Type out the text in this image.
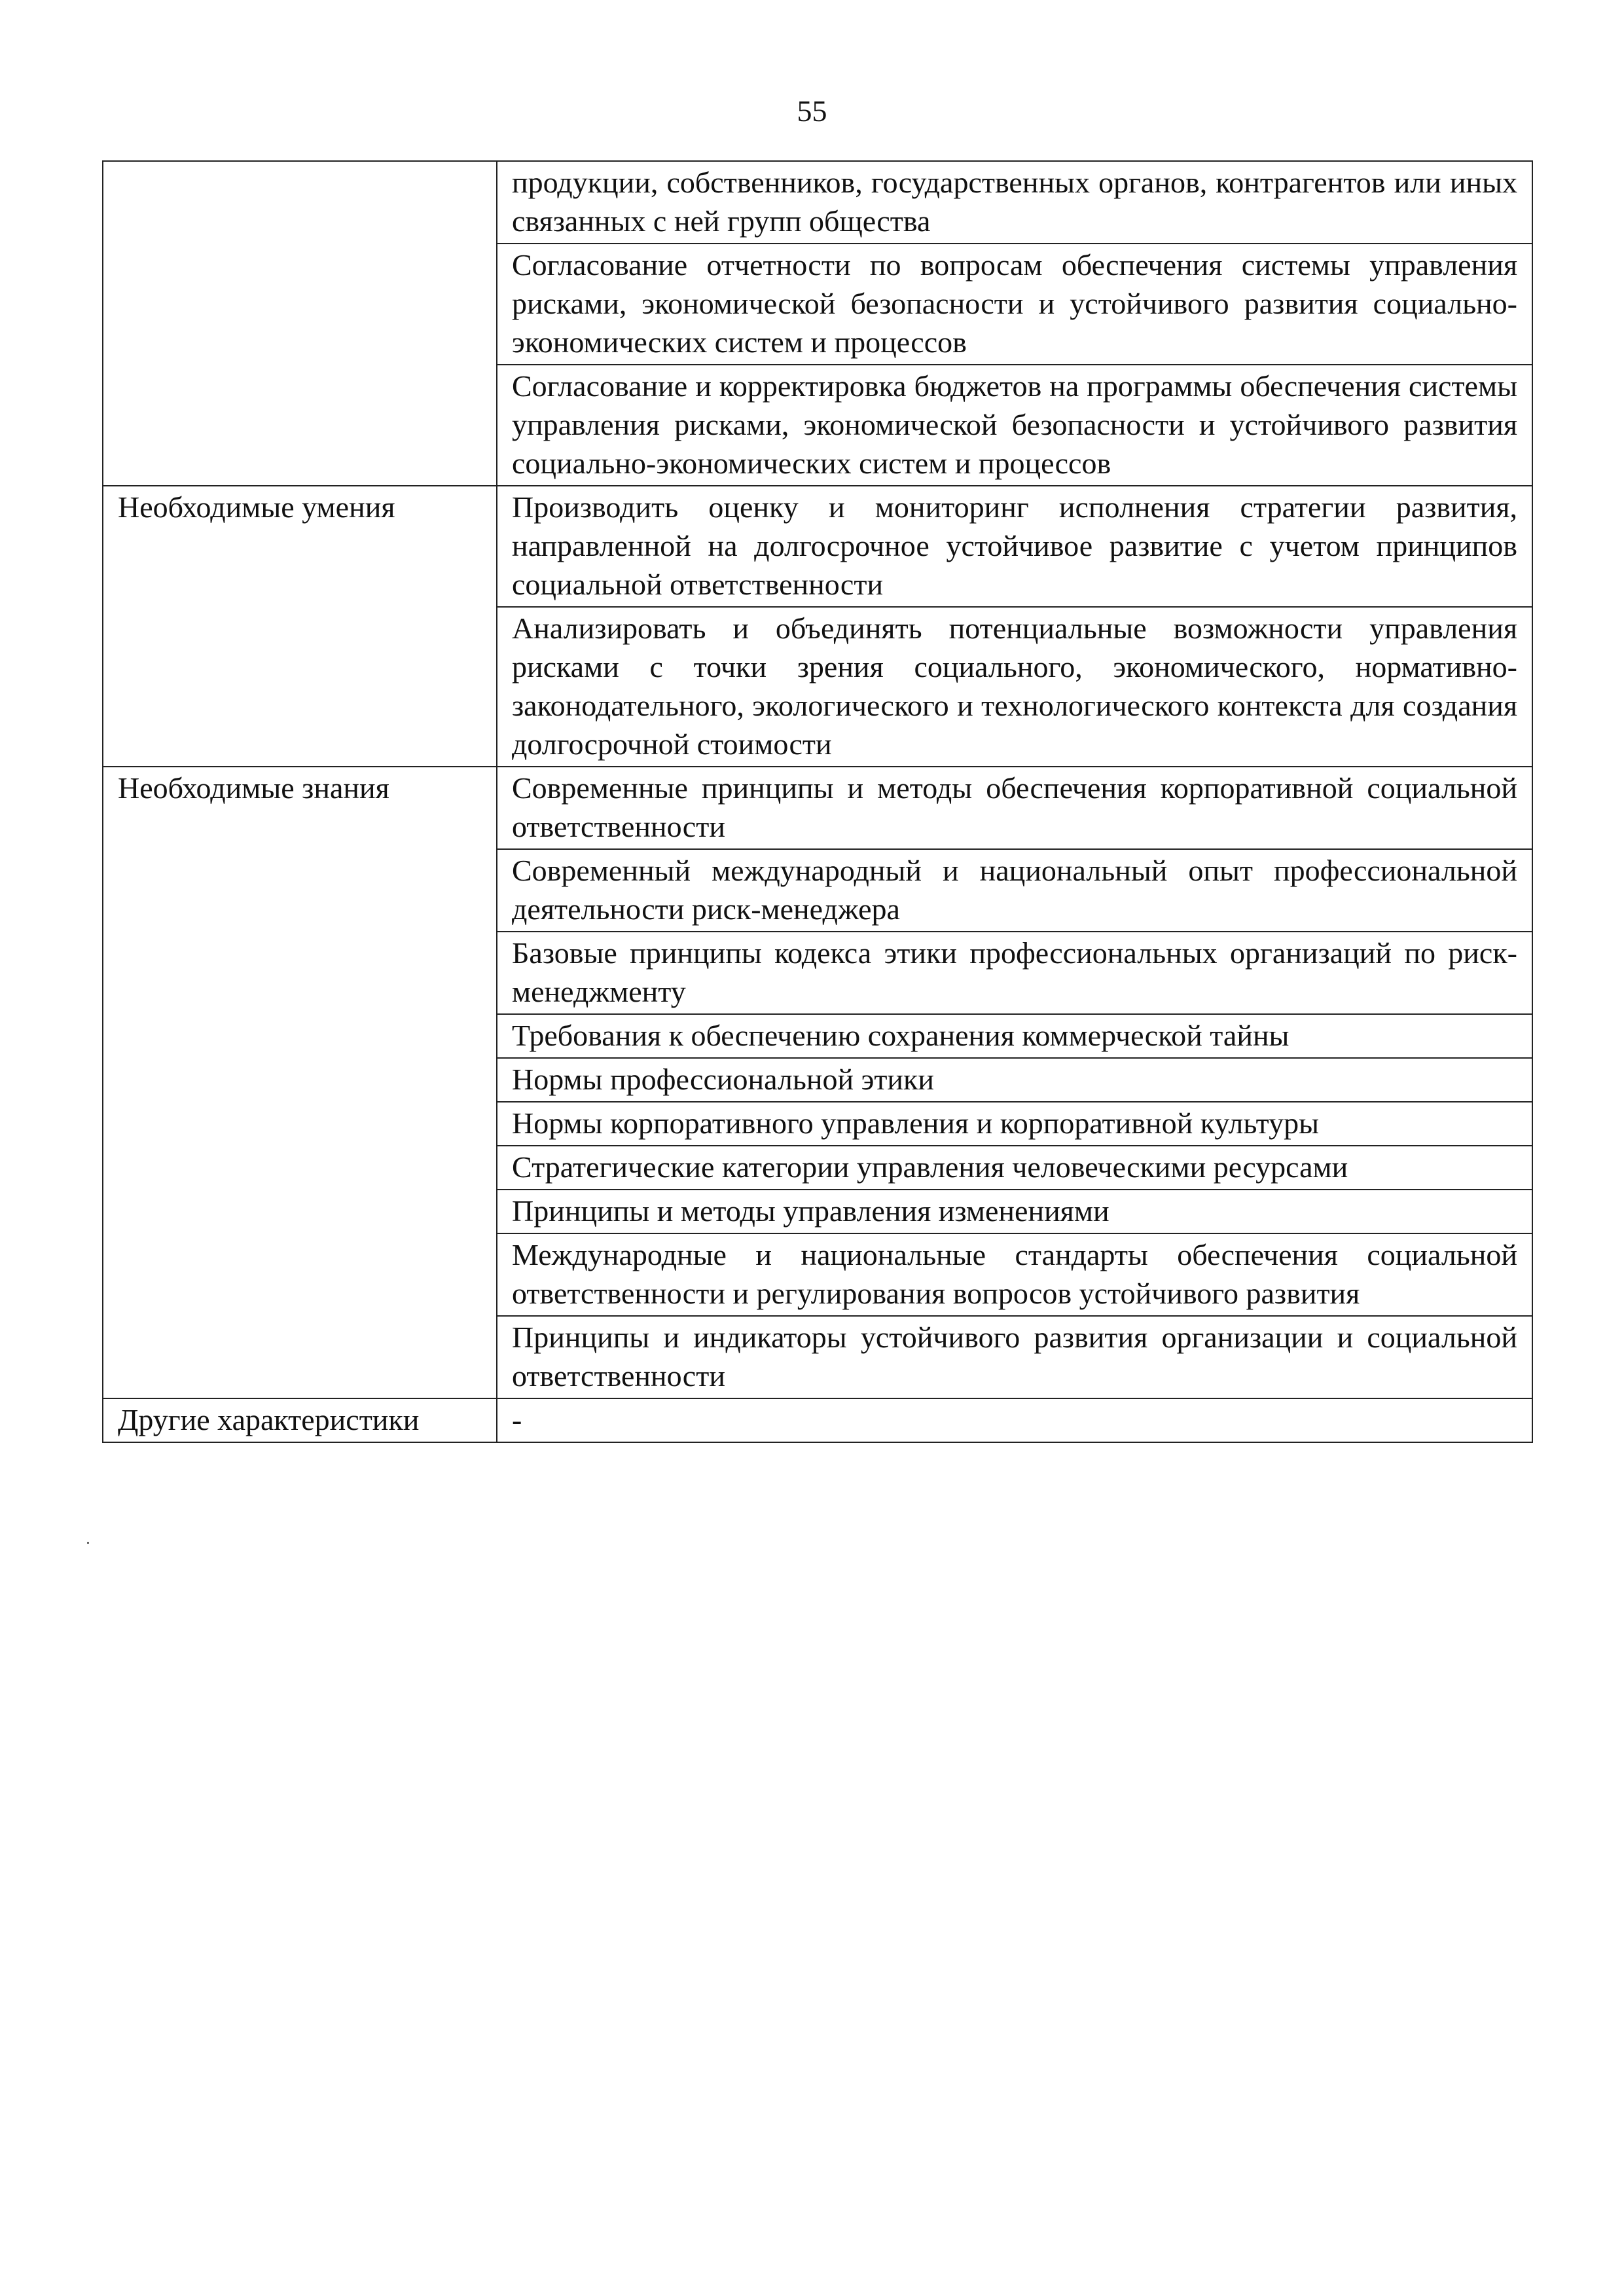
55
	продукции, собственников, государственных органов, контрагентов или иных связанных с ней групп общества
	Согласование отчетности по вопросам обеспечения системы управления рисками, экономической безопасности и устойчивого развития социально-экономических систем и процессов
	Согласование и корректировка бюджетов на программы обеспечения системы управления рисками, экономической безопасности и устойчивого развития социально-экономических систем и процессов
Необходимые умения	Производить оценку и мониторинг исполнения стратегии развития, направленной на долгосрочное устойчивое развитие с учетом принципов социальной ответственности
	Анализировать и объединять потенциальные возможности управления рисками с точки зрения социального, экономического, нормативно-законодательного, экологического и технологического контекста для создания долгосрочной стоимости
Необходимые знания	Современные принципы и методы обеспечения корпоративной социальной ответственности
	Современный международный и национальный опыт профессиональной деятельности риск-менеджера
	Базовые принципы кодекса этики профессиональных организаций по риск-менеджменту
	Требования к обеспечению сохранения коммерческой тайны
	Нормы профессиональной этики
	Нормы корпоративного управления и корпоративной культуры
	Стратегические категории управления человеческими ресурсами
	Принципы и методы управления изменениями
	Международные и национальные стандарты обеспечения социальной ответственности и регулирования вопросов устойчивого развития
	Принципы и индикаторы устойчивого развития организации и социальной ответственности
Другие характеристики	-
